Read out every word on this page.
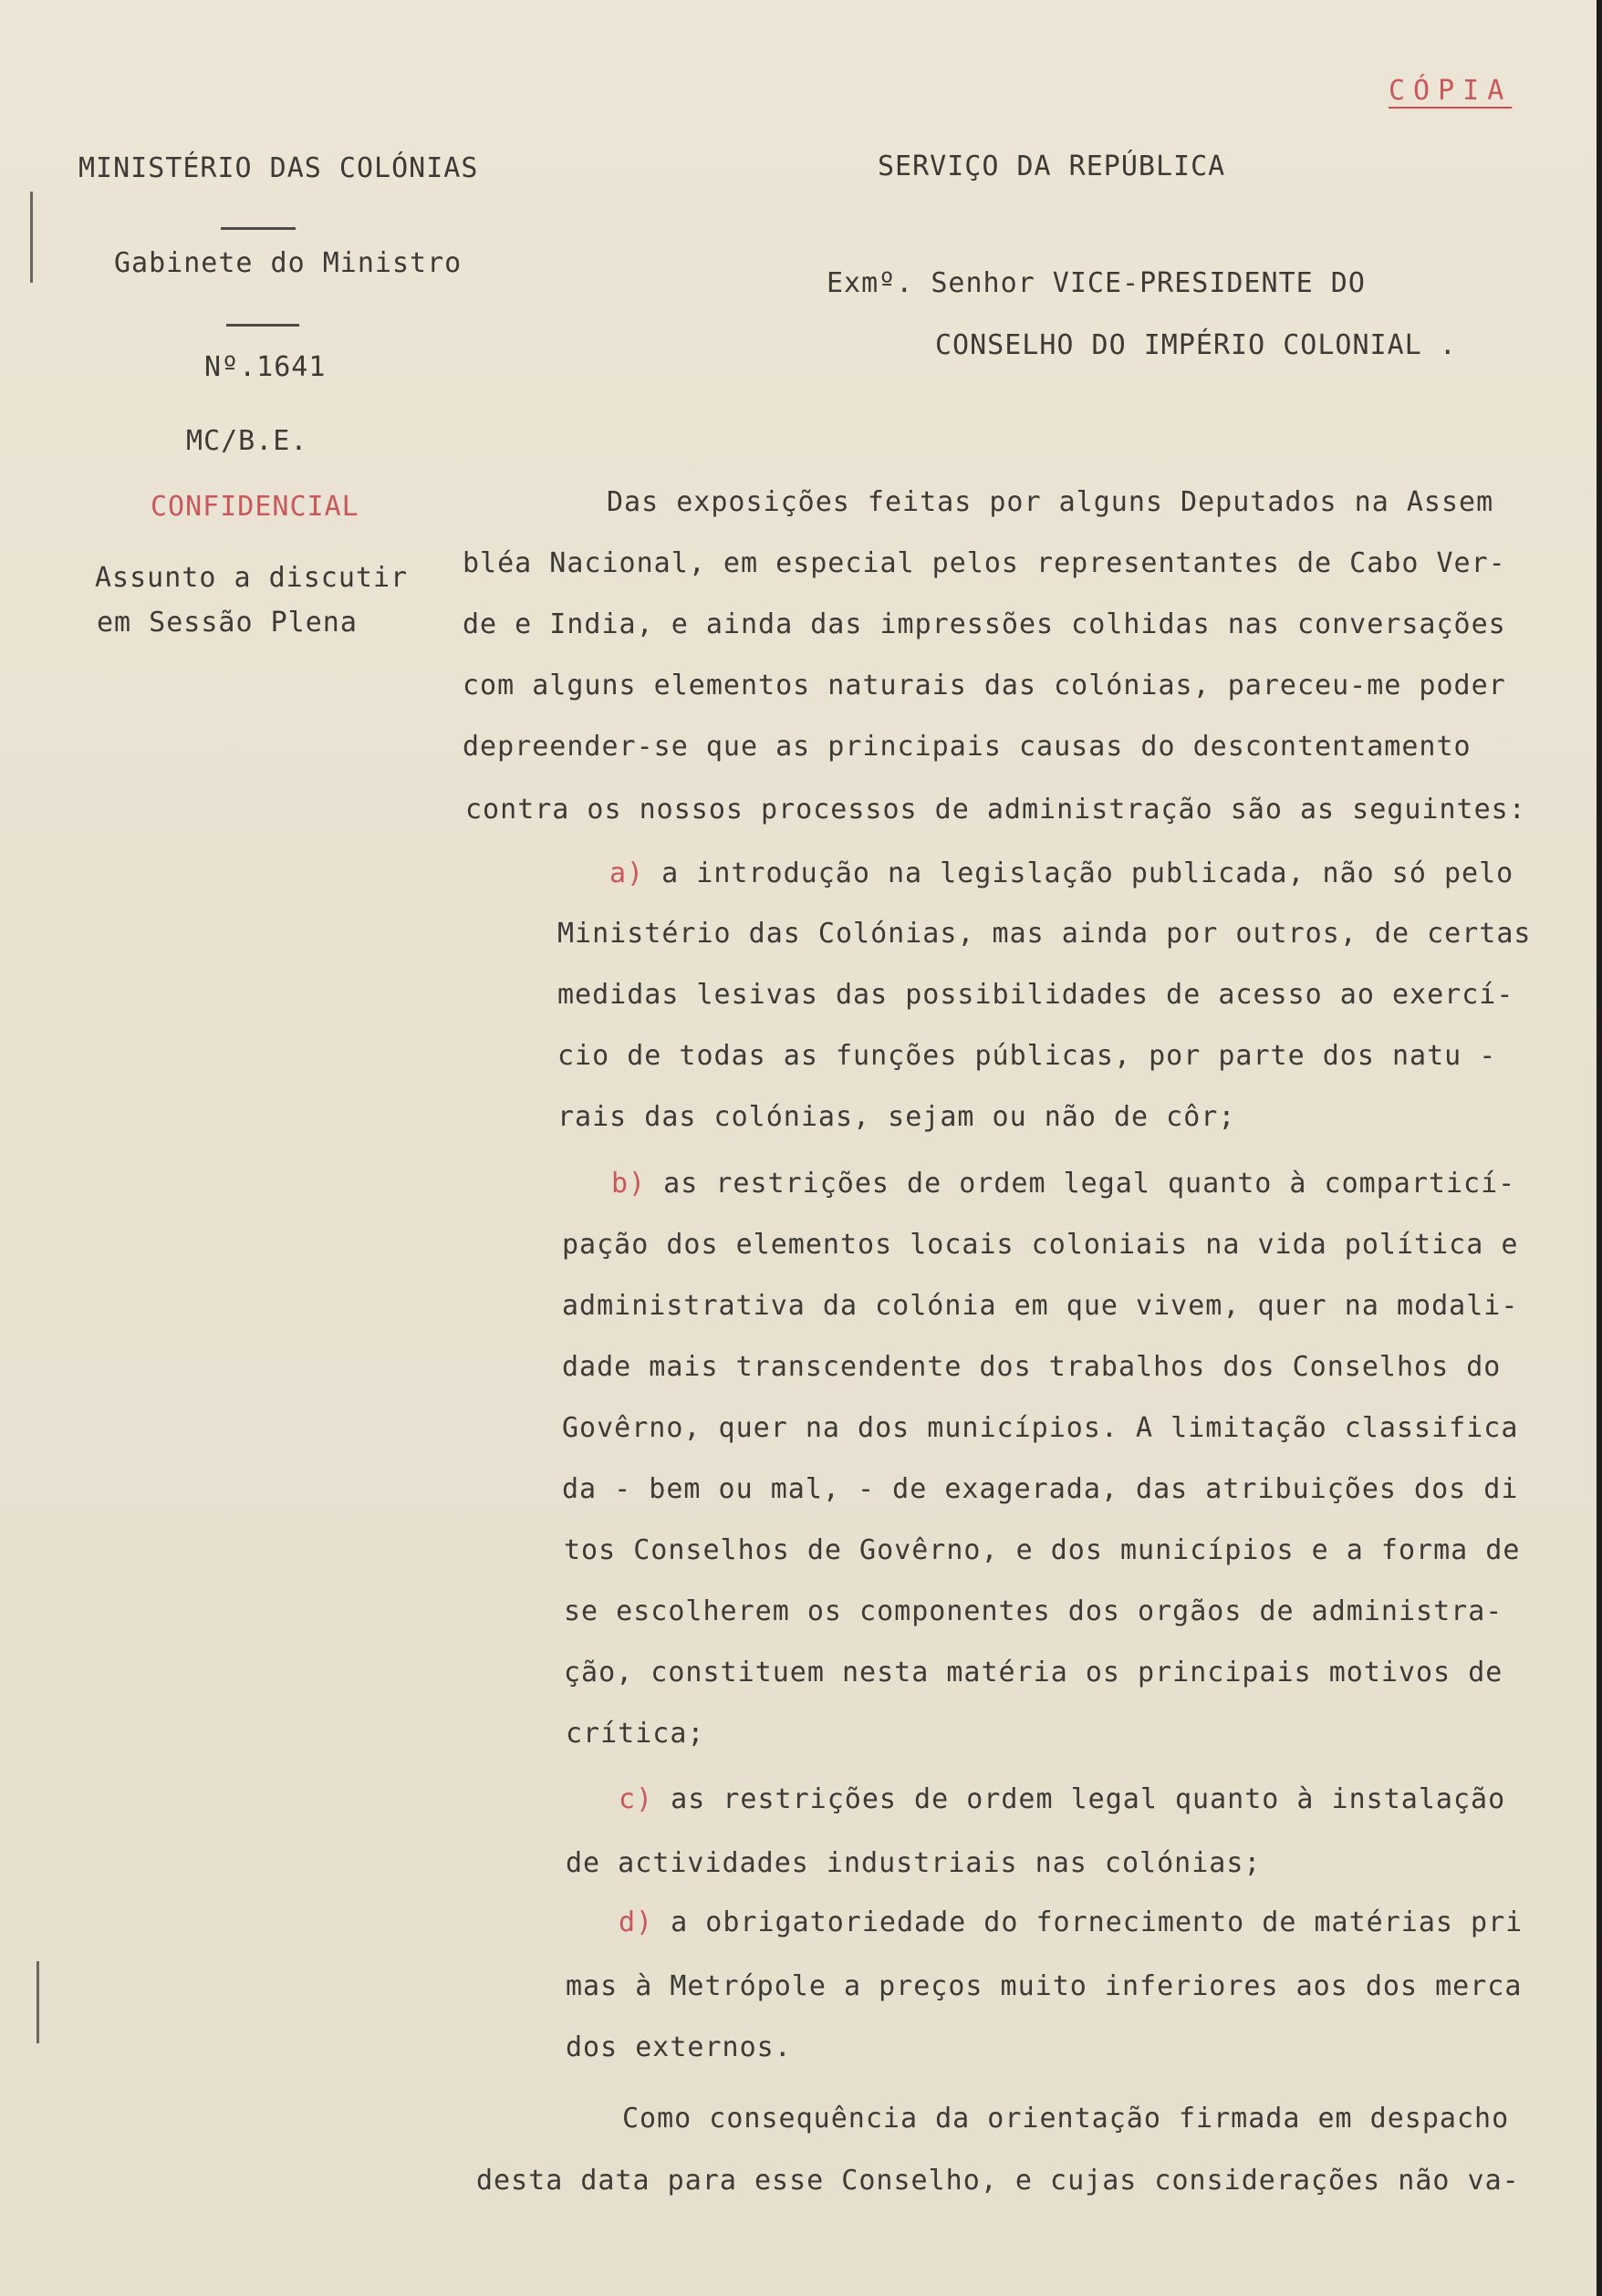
CÓPIA
MINISTÉRIO DAS COLÓNIAS	SERVIÇO DA REPÚBLICA
Gabinete do Ministro
Nº.1641
MC/B.E.
CONFIDENCIAL
Assunto a discutir
em Sessão Plena
Exmº. Senhor VICE-PRESIDENTE DO
CONSELHO DO IMPÉRIO COLONIAL .
Das exposições feitas por alguns Deputados na Assem
bléa Nacional, em especial pelos representantes de Cabo Ver-
de e India, e ainda das impressões colhidas nas conversações
com alguns elementos naturais das colónias, pareceu-me poder
depreender-se que as principais causas do descontentamento
contra os nossos processos de administração são as seguintes:
a) a introdução na legislação publicada, não só pelo
Ministério das Colónias, mas ainda por outros, de certas
medidas lesivas das possibilidades de acesso ao exercí-
cio de todas as funções públicas, por parte dos natu -
rais das colónias, sejam ou não de côr;
b) as restrições de ordem legal quanto à comparticí-
pação dos elementos locais coloniais na vida política e
administrativa da colónia em que vivem, quer na modali-
dade mais transcendente dos trabalhos dos Conselhos do
Govêrno, quer na dos municípios. A limitação classifica
da - bem ou mal, - de exagerada, das atribuições dos di
tos Conselhos de Govêrno, e dos municípios e a forma de
se escolherem os componentes dos orgãos de administra-
ção, constituem nesta matéria os principais motivos de
crítica;
c) as restrições de ordem legal quanto à instalação
de actividades industriais nas colónias;
d) a obrigatoriedade do fornecimento de matérias pri
mas à Metrópole a preços muito inferiores aos dos merca
dos externos.
Como consequência da orientação firmada em despacho
desta data para esse Conselho, e cujas considerações não va-
